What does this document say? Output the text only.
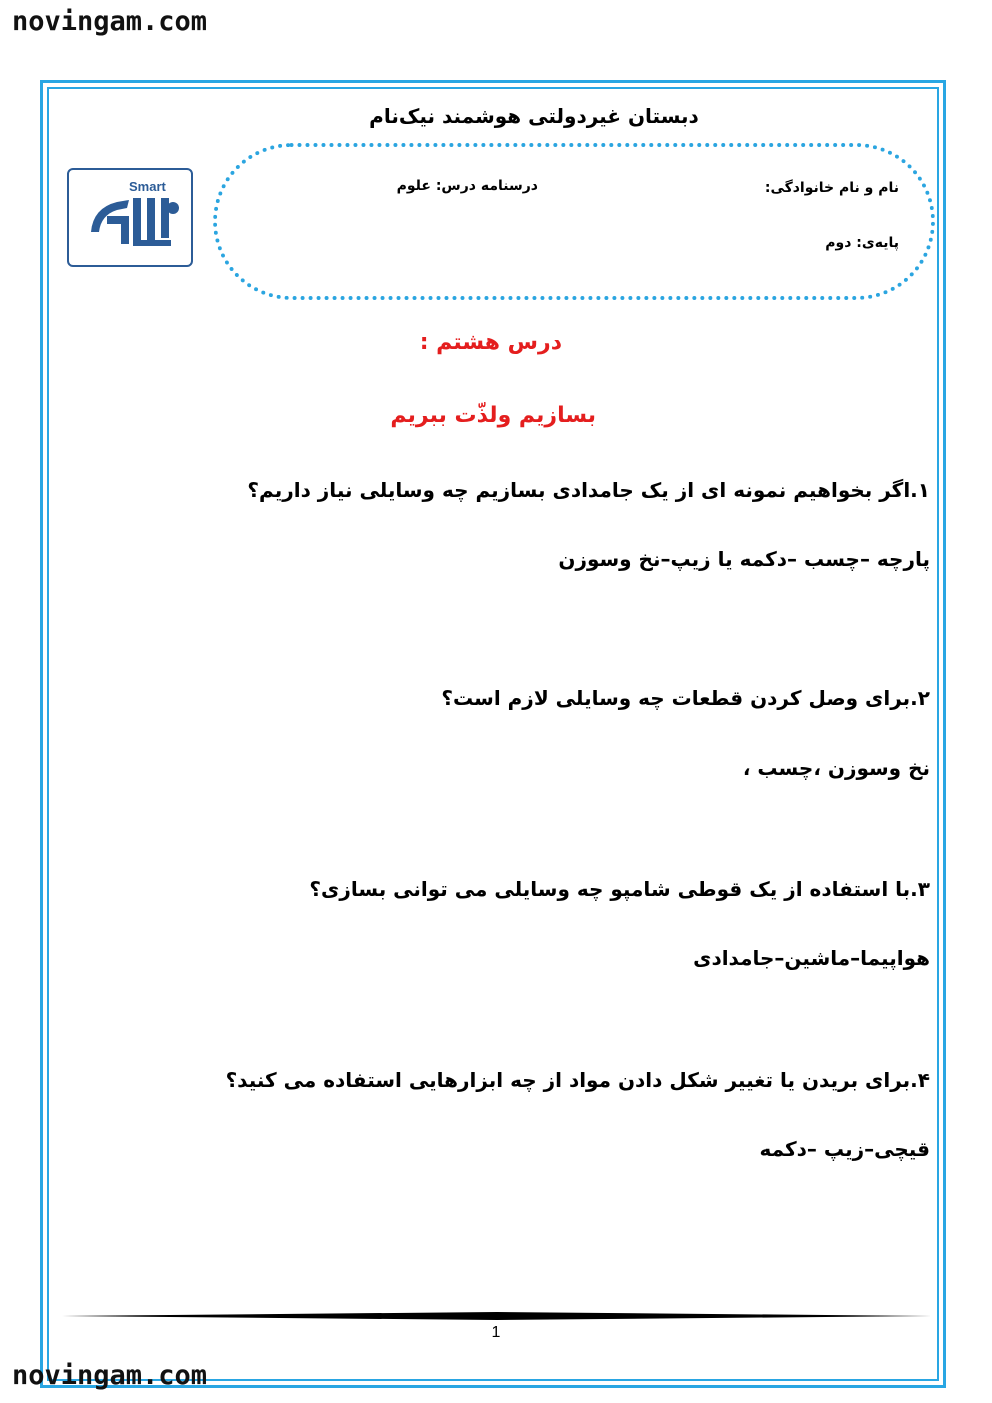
novingam.com
دبستان غیردولتی هوشمند نیک‌نام
Smart	نام و نام خانوادگی:
درسنامه درس: علوم
پایه‌ی: دوم
درس هشتم :
بسازیم ولذّت ببریم
۱.اگر بخواهیم نمونه ای از یک جامدادی بسازیم چه وسایلی نیاز داریم؟
پارچه –چسب –دکمه یا زیپ–نخ وسوزن
۲.برای وصل کردن قطعات چه وسایلی لازم است؟
نخ وسوزن ،چسب ،
۳.با استفاده از یک قوطی شامپو چه وسایلی می توانی بسازی؟
هواپیما–ماشین–جامدادی
۴.برای بریدن یا تغییر شکل دادن مواد از چه ابزارهایی استفاده می کنید؟
قیچی–زیپ –دکمه
1
novingam.com
